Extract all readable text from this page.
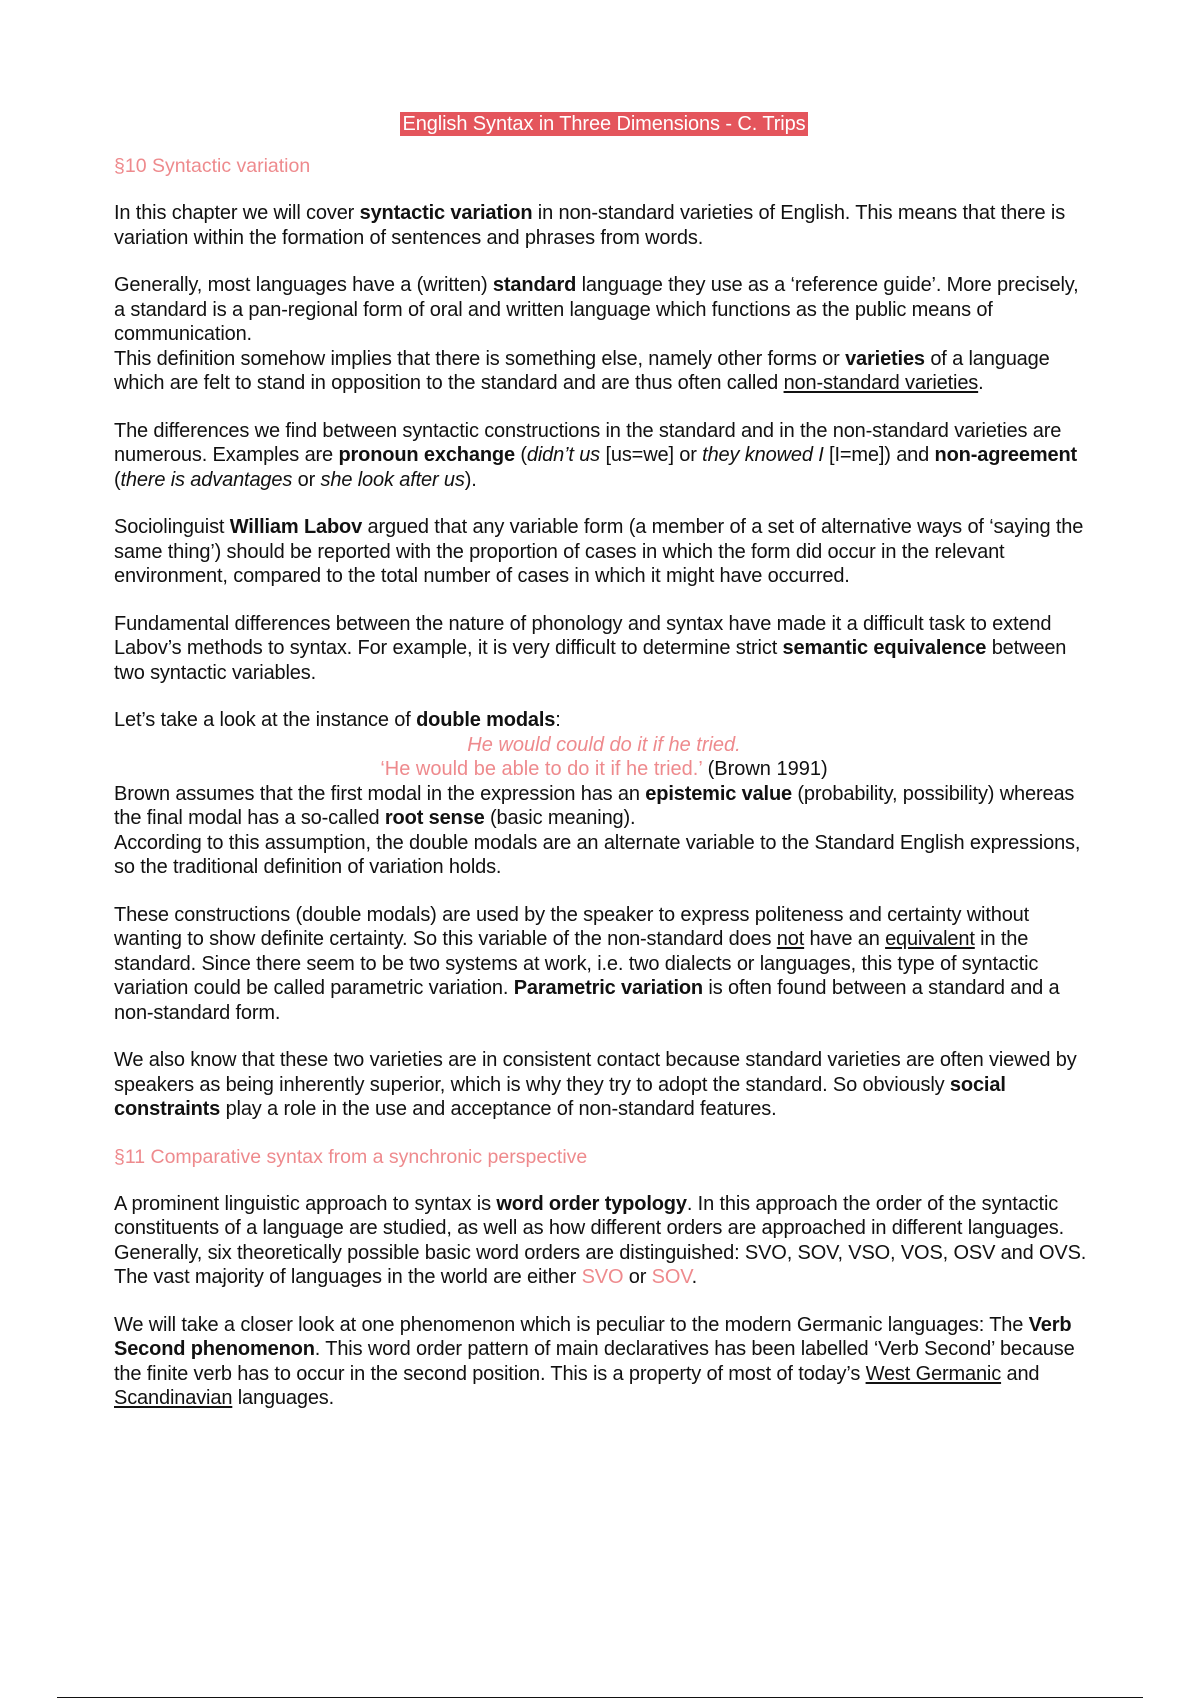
English Syntax in Three Dimensions - C. Trips
§10 Syntactic variation

In this chapter we will cover syntactic variation in non-standard varieties of English. This means that there is variation within the formation of sentences and phrases from words.

Generally, most languages have a (written) standard language they use as a ‘reference guide’. More precisely, a standard is a pan-regional form of oral and written language which functions as the public means of communication.

This definition somehow implies that there is something else, namely other forms or varieties of a language which are felt to stand in opposition to the standard and are thus often called non-standard varieties.

The differences we find between syntactic constructions in the standard and in the non-standard varieties are numerous. Examples are pronoun exchange (didn’t us [us=we] or they knowed I [I=me]) and non-agreement (there is advantages or she look after us).

Sociolinguist William Labov argued that any variable form (a member of a set of alternative ways of ‘saying the same thing’) should be reported with the proportion of cases in which the form did occur in the relevant environment, compared to the total number of cases in which it might have occurred.

Fundamental differences between the nature of phonology and syntax have made it a difficult task to extend Labov’s methods to syntax. For example, it is very difficult to determine strict semantic equivalence between two syntactic variables.

Let’s take a look at the instance of double modals:

He would could do it if he tried.
‘He would be able to do it if he tried.’ (Brown 1991)

Brown assumes that the first modal in the expression has an epistemic value (probability, possibility) whereas the final modal has a so-called root sense (basic meaning).

According to this assumption, the double modals are an alternate variable to the Standard English expressions, so the traditional definition of variation holds.

These constructions (double modals) are used by the speaker to express politeness and certainty without wanting to show definite certainty. So this variable of the non-standard does not have an equivalent in the standard. Since there seem to be two systems at work, i.e. two dialects or languages, this type of syntactic variation could be called parametric variation. Parametric variation is often found between a standard and a non-standard form.

We also know that these two varieties are in consistent contact because standard varieties are often viewed by speakers as being inherently superior, which is why they try to adopt the standard. So obviously social constraints play a role in the use and acceptance of non-standard features.

§11 Comparative syntax from a synchronic perspective

A prominent linguistic approach to syntax is word order typology. In this approach the order of the syntactic constituents of a language are studied, as well as how different orders are approached in different languages.

Generally, six theoretically possible basic word orders are distinguished: SVO, SOV, VSO, VOS, OSV and OVS. The vast majority of languages in the world are either SVO or SOV.

We will take a closer look at one phenomenon which is peculiar to the modern Germanic languages: The Verb Second phenomenon. This word order pattern of main declaratives has been labelled ‘Verb Second’ because the finite verb has to occur in the second position. This is a property of most of today’s West Germanic and Scandinavian languages.
